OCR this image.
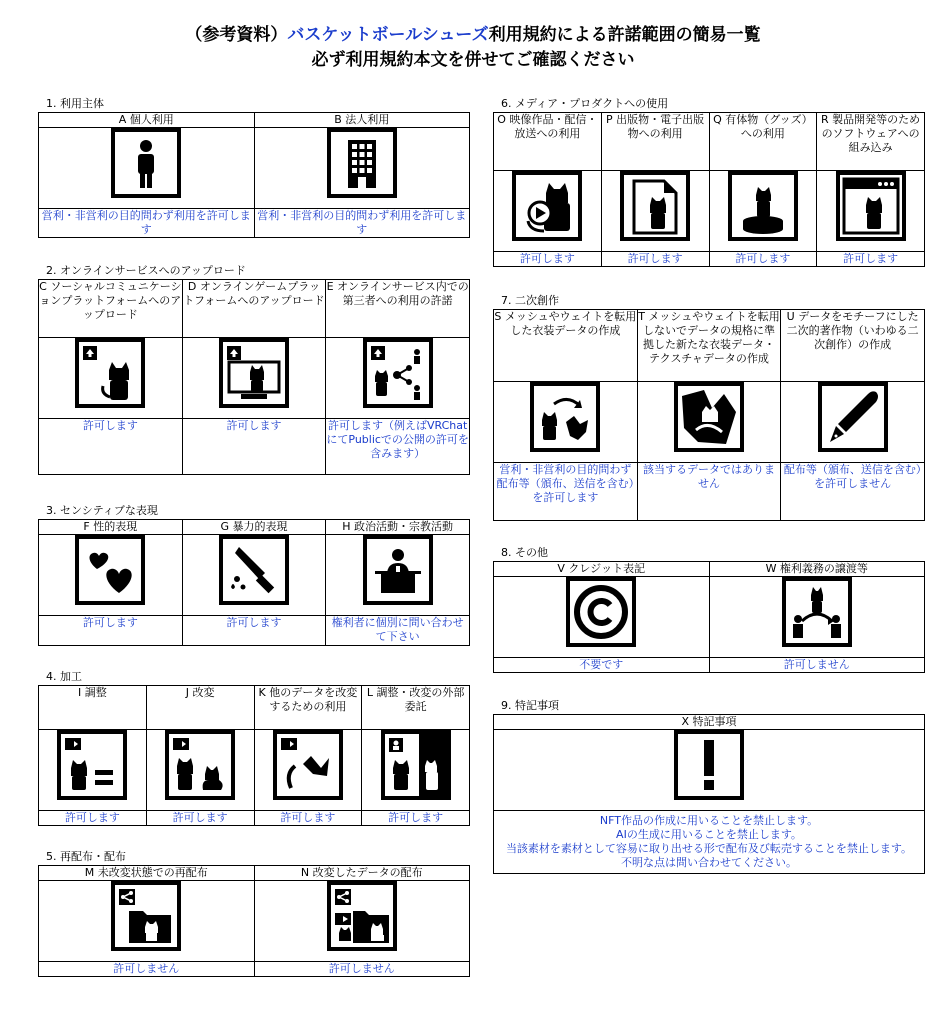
（参考資料）バスケットボールシューズ利用規約による許諾範囲の簡易一覧
必ず利用規約本文を併せてご確認ください
1. 利用主体
A 個人利用	B 法人利用

営利・非営利の目的問わず利用を許可します	営利・非営利の目的問わず利用を許可します
2. オンラインサービスへのアップロード
C ソーシャルコミュニケーションプラットフォームへのアップロード	D オンラインゲームプラットフォームへのアップロード	E オンラインサービス内での第三者への利用の許諾

許可します	許可します	許可します（例えばVRChatにてPublicでの公開の許可を含みます）
3. センシティブな表現
F 性的表現	G 暴力的表現	H 政治活動・宗教活動

許可します	許可します	権利者に個別に問い合わせて下さい
4. 加工
I 調整	J 改変	K 他のデータを改変するための利用	L 調整・改変の外部委託

許可します	許可します	許可します	許可します
5. 再配布・配布
M 未改変状態での再配布	N 改変したデータの配布

許可しません	許可しません
6. メディア・プロダクトへの使用
O 映像作品・配信・放送への利用	P 出版物・電子出版物への利用	Q 有体物（グッズ）への利用	R 製品開発等のためのソフトウェアへの組み込み

許可します	許可します	許可します	許可します
7. 二次創作
S メッシュやウェイトを転用した衣装データの作成	T メッシュやウェイトを転用しないでデータの規格に準拠した新たな衣装データ・テクスチャデータの作成	U データをモチーフにした二次的著作物（いわゆる二次創作）の作成

営利・非営利の目的問わず配布等（頒布、送信を含む）を許可します	該当するデータではありません	配布等（頒布、送信を含む）を許可しません
8. その他
V クレジット表記	W 権利義務の譲渡等

不要です	許可しません
9. 特記事項
X 特記事項

NFT作品の作成に用いることを禁止します。
AIの生成に用いることを禁止します。
当該素材を素材として容易に取り出せる形で配布及び転売することを禁止します。
不明な点は問い合わせてください。
